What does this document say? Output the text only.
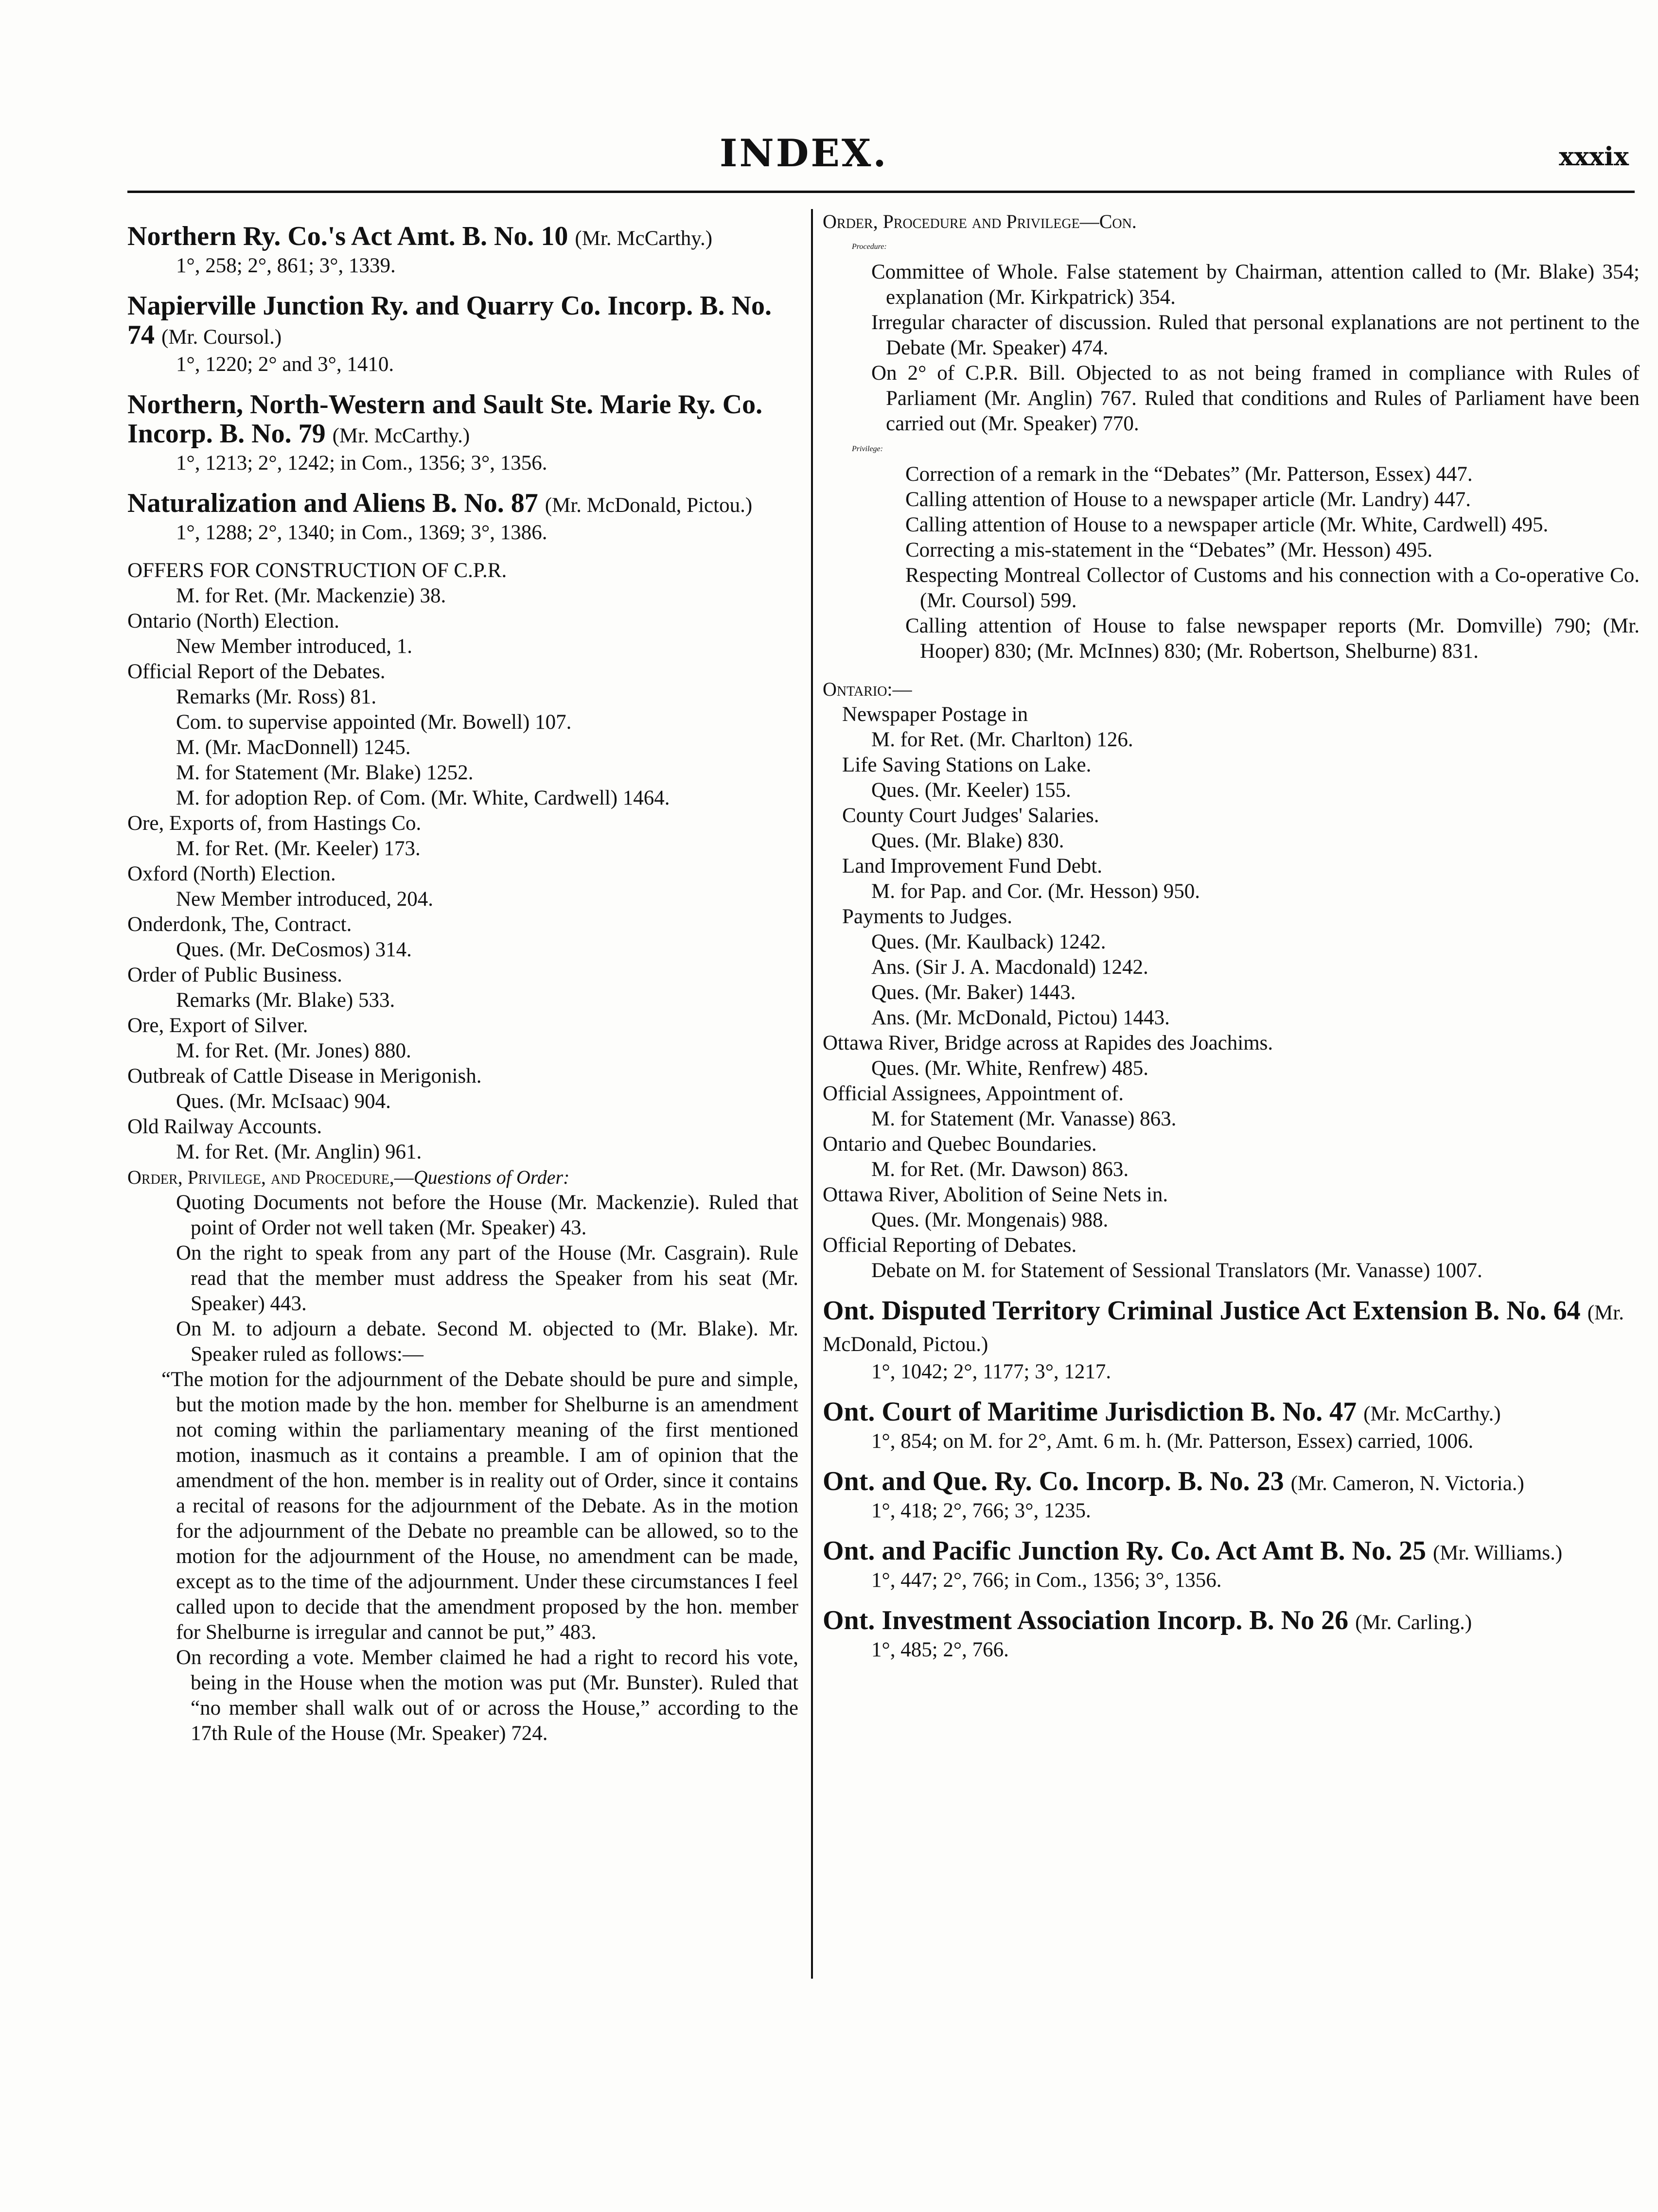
INDEX.	xxxix
Northern Ry. Co.'s Act Amt. B. No. 10 (Mr. McCarthy.)
1°, 258; 2°, 861; 3°, 1339.
Napierville Junction Ry. and Quarry Co. Incorp. B. No. 74 (Mr. Coursol.)
1°, 1220; 2° and 3°, 1410.
Northern, North-Western and Sault Ste. Marie Ry. Co. Incorp. B. No. 79 (Mr. McCarthy.)
1°, 1213; 2°, 1242; in Com., 1356; 3°, 1356.
Naturalization and Aliens B. No. 87 (Mr. McDonald, Pictou.)
1°, 1288; 2°, 1340; in Com., 1369; 3°, 1386.
OFFERS FOR CONSTRUCTION OF C.P.R.
M. for Ret. (Mr. Mackenzie) 38.
Ontario (North) Election.
New Member introduced, 1.
Official Report of the Debates.
Remarks (Mr. Ross) 81.
Com. to supervise appointed (Mr. Bowell) 107.
M. (Mr. MacDonnell) 1245.
M. for Statement (Mr. Blake) 1252.
M. for adoption Rep. of Com. (Mr. White, Cardwell) 1464.
Ore, Exports of, from Hastings Co.
M. for Ret. (Mr. Keeler) 173.
Oxford (North) Election.
New Member introduced, 204.
Onderdonk, The, Contract.
Ques. (Mr. DeCosmos) 314.
Order of Public Business.
Remarks (Mr. Blake) 533.
Ore, Export of Silver.
M. for Ret. (Mr. Jones) 880.
Outbreak of Cattle Disease in Merigonish.
Ques. (Mr. McIsaac) 904.
Old Railway Accounts.
M. for Ret. (Mr. Anglin) 961.
Order, Privilege, and Procedure,—Questions of Order:

Quoting Documents not before the House (Mr. Mackenzie). Ruled that point of Order not well taken (Mr. Speaker) 43.

On the right to speak from any part of the House (Mr. Casgrain). Rule read that the member must address the Speaker from his seat (Mr. Speaker) 443.

On M. to adjourn a debate. Second M. objected to (Mr. Blake). Mr. Speaker ruled as follows:—

“The motion for the adjournment of the Debate should be pure and simple, but the motion made by the hon. member for Shelburne is an amendment not coming within the parliamentary meaning of the first mentioned motion, inasmuch as it contains a preamble. I am of opinion that the amendment of the hon. member is in reality out of Order, since it contains a recital of reasons for the adjournment of the Debate. As in the motion for the adjournment of the Debate no preamble can be allowed, so to the motion for the adjournment of the House, no amendment can be made, except as to the time of the adjournment. Under these circumstances I feel called upon to decide that the amendment proposed by the hon. member for Shelburne is irregular and cannot be put,” 483.

On recording a vote. Member claimed he had a right to record his vote, being in the House when the motion was put (Mr. Bunster). Ruled that “no member shall walk out of or across the House,” according to the 17th Rule of the House (Mr. Speaker) 724.

Order, Procedure and Privilege—Con.
Procedure:

Committee of Whole. False statement by Chairman, attention called to (Mr. Blake) 354; explanation (Mr. Kirkpatrick) 354.

Irregular character of discussion. Ruled that personal explanations are not pertinent to the Debate (Mr. Speaker) 474.

On 2° of C.P.R. Bill. Objected to as not being framed in compliance with Rules of Parliament (Mr. Anglin) 767. Ruled that conditions and Rules of Parliament have been carried out (Mr. Speaker) 770.

Privilege:

Correction of a remark in the “Debates” (Mr. Patterson, Essex) 447.

Calling attention of House to a newspaper article (Mr. Landry) 447.

Calling attention of House to a newspaper article (Mr. White, Cardwell) 495.

Correcting a mis-statement in the “Debates” (Mr. Hesson) 495.

Respecting Montreal Collector of Customs and his connection with a Co-operative Co. (Mr. Coursol) 599.

Calling attention of House to false newspaper reports (Mr. Domville) 790; (Mr. Hooper) 830; (Mr. McInnes) 830; (Mr. Robertson, Shelburne) 831.

Ontario:—
Newspaper Postage in
M. for Ret. (Mr. Charlton) 126.
Life Saving Stations on Lake.
Ques. (Mr. Keeler) 155.
County Court Judges' Salaries.
Ques. (Mr. Blake) 830.
Land Improvement Fund Debt.
M. for Pap. and Cor. (Mr. Hesson) 950.
Payments to Judges.
Ques. (Mr. Kaulback) 1242.
Ans. (Sir J. A. Macdonald) 1242.
Ques. (Mr. Baker) 1443.
Ans. (Mr. McDonald, Pictou) 1443.
Ottawa River, Bridge across at Rapides des Joachims.
Ques. (Mr. White, Renfrew) 485.
Official Assignees, Appointment of.
M. for Statement (Mr. Vanasse) 863.
Ontario and Quebec Boundaries.
M. for Ret. (Mr. Dawson) 863.
Ottawa River, Abolition of Seine Nets in.
Ques. (Mr. Mongenais) 988.
Official Reporting of Debates.
Debate on M. for Statement of Sessional Translators (Mr. Vanasse) 1007.
Ont. Disputed Territory Criminal Justice Act Extension B. No. 64 (Mr. McDonald, Pictou.)
1°, 1042; 2°, 1177; 3°, 1217.
Ont. Court of Maritime Jurisdiction B. No. 47 (Mr. McCarthy.)
1°, 854; on M. for 2°, Amt. 6 m. h. (Mr. Patterson, Essex) carried, 1006.
Ont. and Que. Ry. Co. Incorp. B. No. 23 (Mr. Cameron, N. Victoria.)
1°, 418; 2°, 766; 3°, 1235.
Ont. and Pacific Junction Ry. Co. Act Amt B. No. 25 (Mr. Williams.)
1°, 447; 2°, 766; in Com., 1356; 3°, 1356.
Ont. Investment Association Incorp. B. No 26 (Mr. Carling.)
1°, 485; 2°, 766.
